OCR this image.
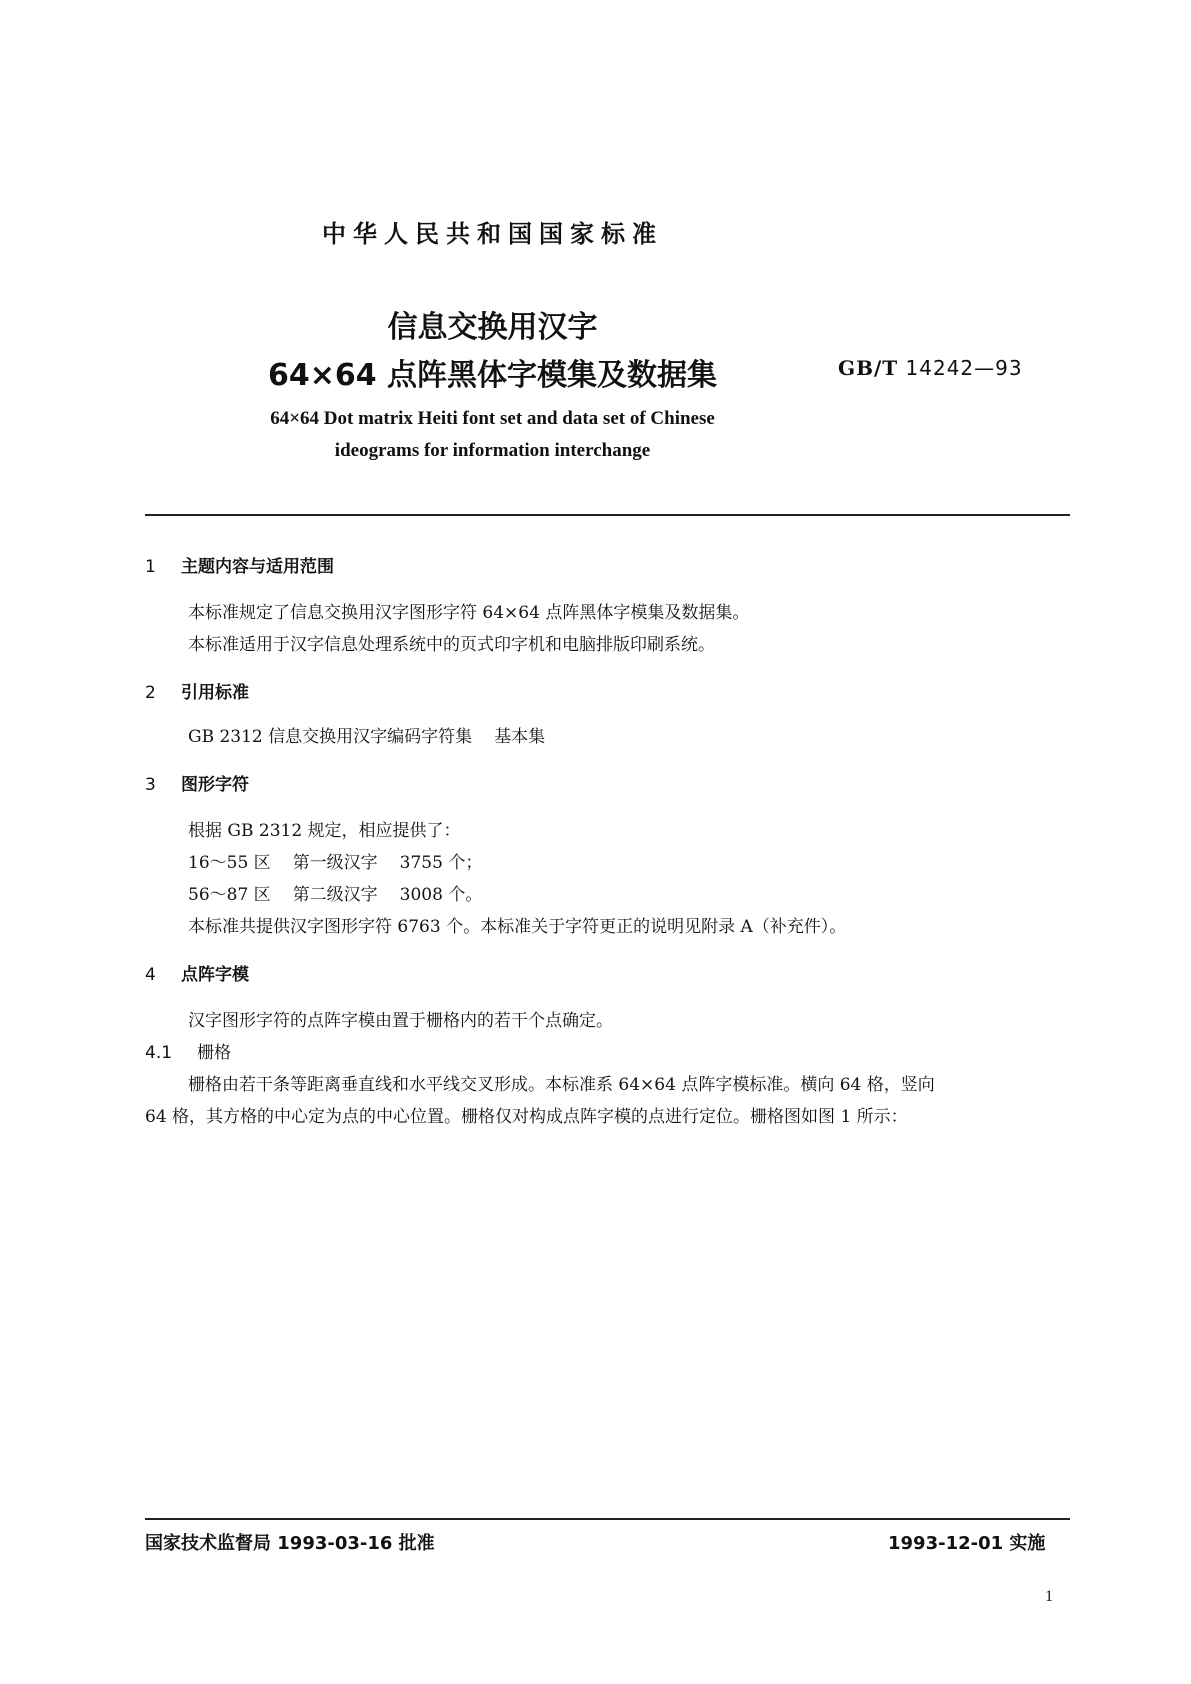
中华人民共和国国家标准
信息交换用汉字
64×64 点阵黑体字模集及数据集	GB/T 14242—93
64×64 Dot matrix Heiti font set and data set of Chinese
ideograms for information interchange
1 主题内容与适用范围
本标准规定了信息交换用汉字图形字符 64×64 点阵黑体字模集及数据集。
本标准适用于汉字信息处理系统中的页式印字机和电脑排版印刷系统。
2 引用标准
GB 2312 信息交换用汉字编码字符集 基本集
3 图形字符
根据 GB 2312 规定，相应提供了：
16～55 区 第一级汉字 3755 个；
56～87 区 第二级汉字 3008 个。
本标准共提供汉字图形字符 6763 个。本标准关于字符更正的说明见附录 A（补充件）。
4 点阵字模
汉字图形字符的点阵字模由置于栅格内的若干个点确定。
4.1 栅格
栅格由若干条等距离垂直线和水平线交叉形成。本标准系 64×64 点阵字模标准。横向 64 格，竖向
64 格，其方格的中心定为点的中心位置。栅格仅对构成点阵字模的点进行定位。栅格图如图 1 所示：
国家技术监督局 1993-03-16 批准	1993-12-01 实施
1
